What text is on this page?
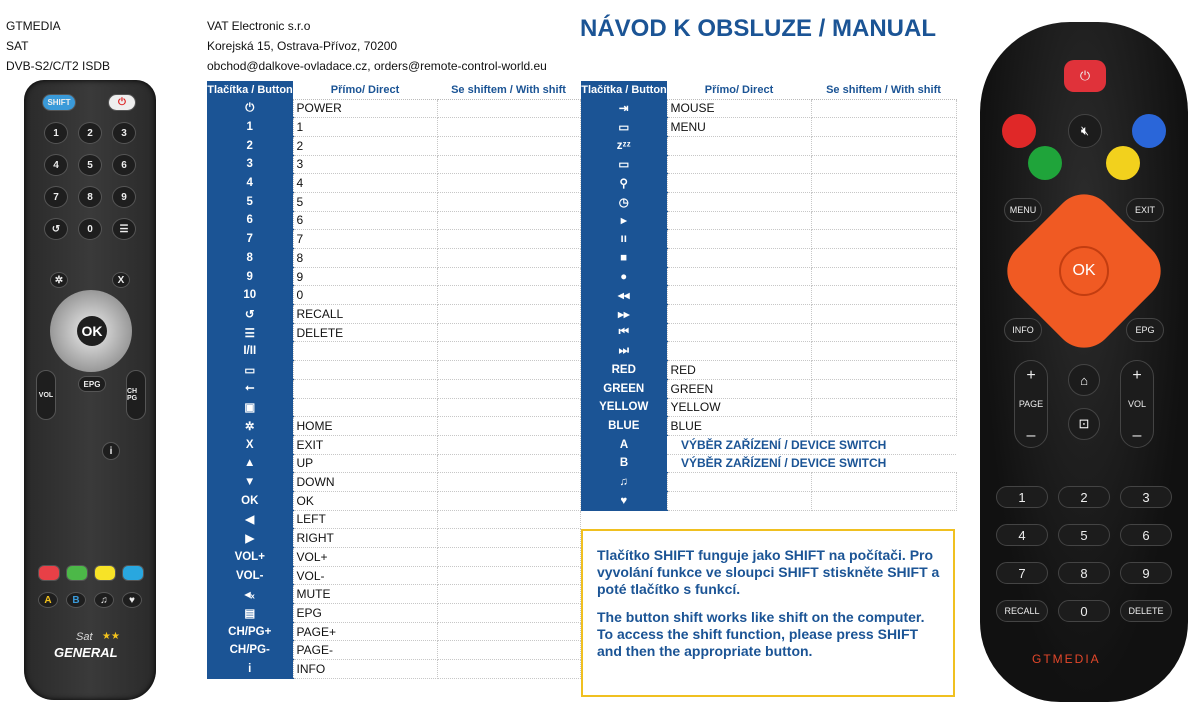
GTMEDIA
SAT
DVB-S2/C/T2 ISDB
VAT Electronic s.r.o
Korejská 15, Ostrava-Přívoz, 70200
obchod@dalkove-ovladace.cz, orders@remote-control-world.eu
NÁVOD K OBSLUZE / MANUAL
Tlačítka / Button	Přímo/ Direct	Se shiftem / With shift	
⏻	POWER		
1	1		
2	2		
3	3		
4	4		
5	5		
6	6		
7	7		
8	8		
9	9		
10	0		
↺	RECALL		
☰	DELETE		
I/II			
▭			
⭠			
▣			
✲	HOME		
X	EXIT		
▲	UP		
▼	DOWN		
OK	OK		
◀	LEFT		
▶	RIGHT		
VOL+	VOL+		
VOL-	VOL-		
◂ₓ	MUTE		
▤	EPG		
CH/PG+	PAGE+		
CH/PG-	PAGE-		
i	INFO		
Tlačítka / Button	Přímo/ Direct	Se shiftem / With shift
⇥	MOUSE	
▭	MENU	
zᶻᶻ		
▭		
⚲		
◷		
▸		
ıı		
■		
●		
◂◂		
▸▸		
⏮		
⏭		
RED	RED	
GREEN	GREEN	
YELLOW	YELLOW	
BLUE	BLUE	
A	VÝBĚR ZAŘÍZENÍ / DEVICE SWITCH	
B	VÝBĚR ZAŘÍZENÍ / DEVICE SWITCH	
♫		
♥		

Tlačítko SHIFT funguje jako SHIFT na počítači. Pro vyvolání funkce ve sloupci SHIFT stiskněte SHIFT a poté tlačítko s funkcí.

The button shift works like shift on the computer. To access the shift function, please press SHIFT and then the appropriate button.

SHIFT	⏻
1	2	3
4	5	6
7	8	9
↺	0	☰
✲	X
OK
EPG
VOL	CH PG
i
A	B	♫ ♥
Sat ★★
GENERAL
⏻
🔇︎
MENU	EXIT
OK
INFO	EPG
+
PAGE
–
⌂
⊡
+
VOL
–
1	2	3
4	5	6
7	8	9
RECALL	0	DELETE
GTMEDIA
